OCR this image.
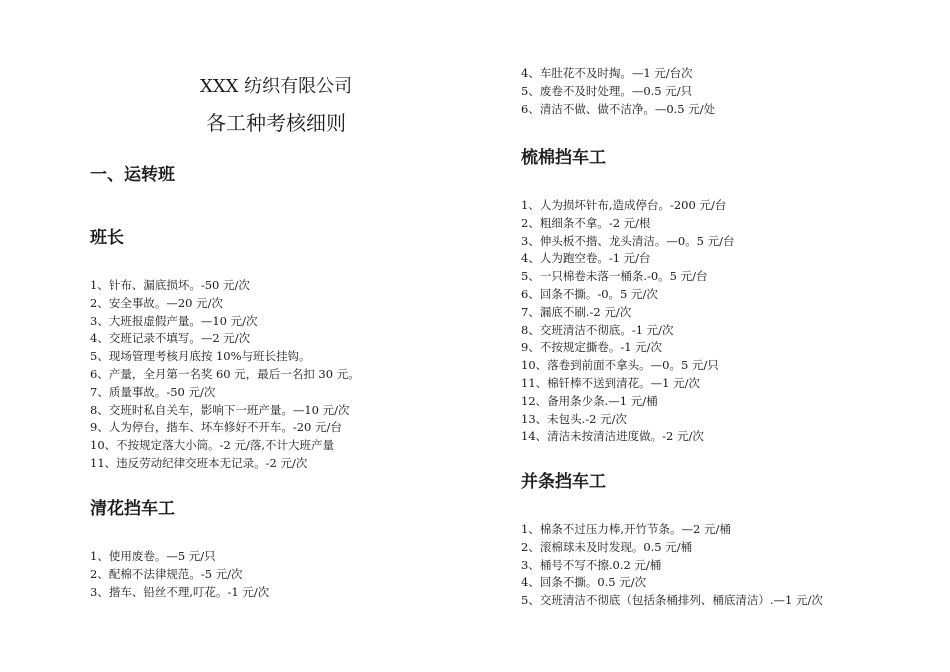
XXX 纺织有限公司
各工种考核细则
一、运转班
班长
1、针布、漏底损坏。-50 元/次
2、安全事故。—20 元/次
3、大班报虚假产量。—10 元/次
4、交班记录不填写。—2 元/次
5、现场管理考核月底按 10%与班长挂钩。
6、产量，全月第一名奖 60 元，最后一名扣 30 元。
7、质量事故。-50 元/次
8、交班时私自关车，影响下一班产量。—10 元/次
9、人为停台，揩车、坏车修好不开车。-20 元/台
10、不按规定落大小筒。-2 元/落,不计大班产量
11、违反劳动纪律交班本无记录。-2 元/次
清花挡车工
1、使用废卷。—5 元/只
2、配棉不法律规范。-5 元/次
3、揩车、铅丝不理,叮花。-1 元/次
4、车肚花不及时掏。—1 元/台次
5、废卷不及时处理。—0.5 元/只
6、清洁不做、做不洁净。—0.5 元/处
梳棉挡车工
1、人为损坏针布,造成停台。-200 元/台
2、粗细条不拿。-2 元/根
3、伸头板不揩、龙头清洁。—0。5 元/台
4、人为跑空卷。-1 元/台
5、一只棉卷未落一桶条.-0。5 元/台
6、回条不撕。-0。5 元/次
7、漏底不刷.-2 元/次
8、交班清洁不彻底。-1 元/次
9、不按规定撕卷。-1 元/次
10、落卷到前面不拿头。—0。5 元/只
11、棉钎棒不送到清花。—1 元/次
12、备用条少条.—1 元/桶
13、未包头.-2 元/次
14、清洁未按清洁进度做。-2 元/次
并条挡车工
1、棉条不过压力棒,开竹节条。—2 元/桶
2、滚棉球未及时发现。0.5 元/桶
3、桶号不写不擦.0.2 元/桶
4、回条不撕。0.5 元/次
5、交班清洁不彻底（包括条桶排列、桶底清洁）.—1 元/次
